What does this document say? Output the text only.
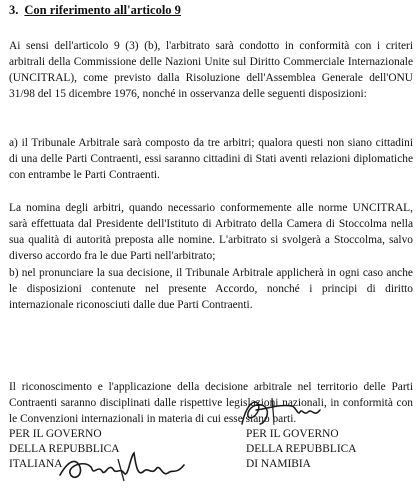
3. Con riferimento all'articolo 9

Ai sensi dell'articolo 9 (3) (b), l'arbitrato sarà condotto in conformità con i criteri arbitrali della Commissione delle Nazioni Unite sul Diritto Commerciale Internazionale (UNCITRAL), come previsto dalla Risoluzione dell'Assemblea Generale dell'ONU 31/98 del 15 dicembre 1976, nonché in osservanza delle seguenti disposizioni:

a) il Tribunale Arbitrale sarà composto da tre arbitri; qualora questi non siano cittadini di una delle Parti Contraenti, essi saranno cittadini di Stati aventi relazioni diplomatiche con entrambe le Parti Contraenti.

La nomina degli arbitri, quando necessario conformemente alle norme UNCITRAL, sarà effettuata dal Presidente dell'Istituto di Arbitrato della Camera di Stoccolma nella sua qualità di autorità preposta alle nomine. L'arbitrato si svolgerà a Stoccolma, salvo diverso accordo fra le due Parti nell'arbitrato;

b) nel pronunciare la sua decisione, il Tribunale Arbitrale applicherà in ogni caso anche le disposizioni contenute nel presente Accordo, nonché i principi di diritto internazionale riconosciuti dalle due Parti Contraenti.

Il riconoscimento e l'applicazione della decisione arbitrale nel territorio delle Parti Contraenti saranno disciplinati dalle rispettive legislazioni nazionali, in conformità con le Convenzioni internazionali in materia di cui esse siano parti.

PER IL GOVERNO
DELLA REPUBBLICA
ITALIANA
PER IL GOVERNO
DELLA REPUBBLICA
DI NAMIBIA
